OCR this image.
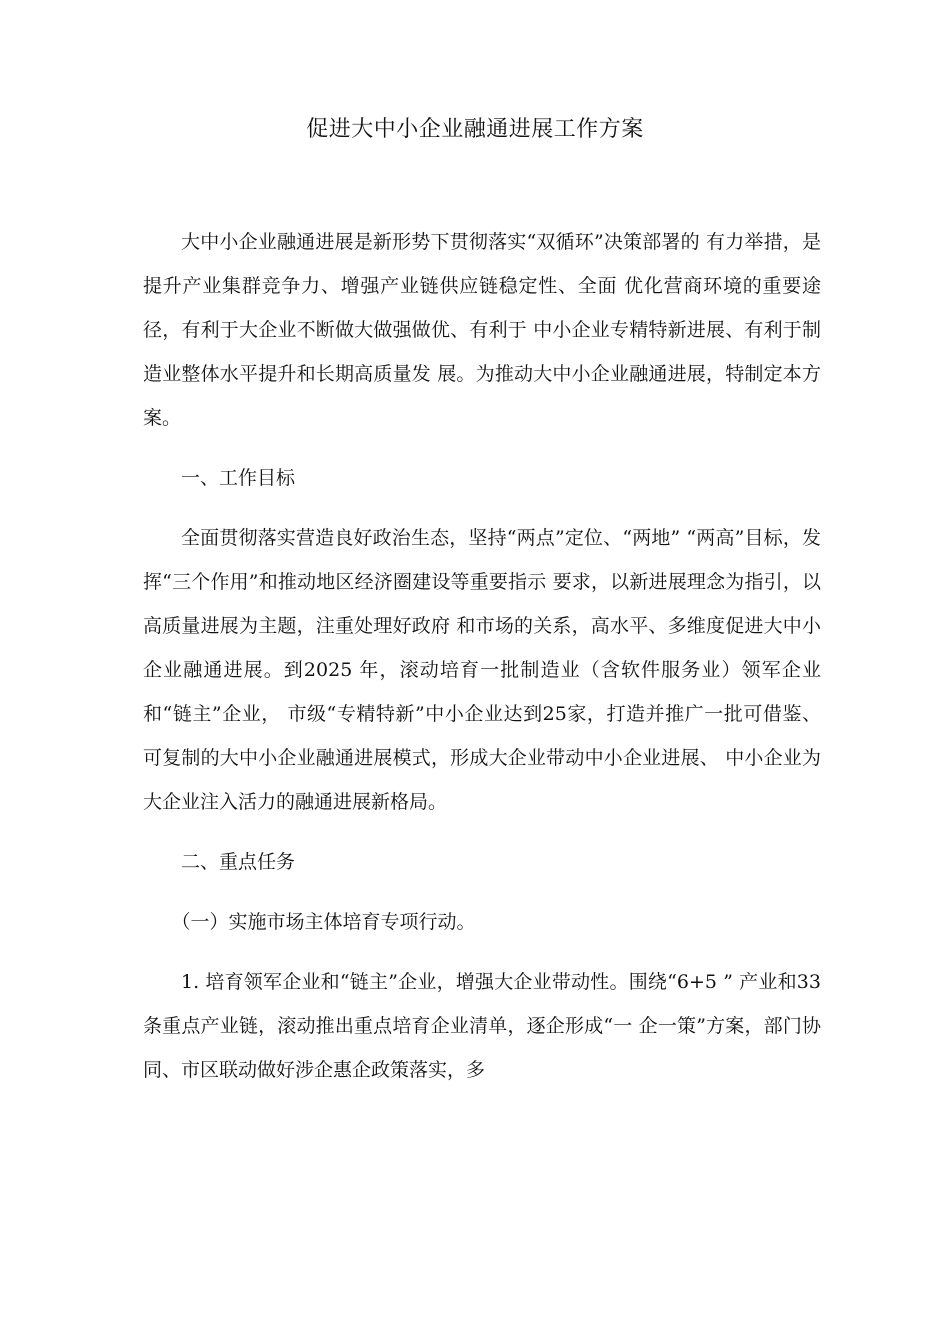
促进大中小企业融通进展工作方案

大中小企业融通进展是新形势下贯彻落实“双循环”决策部署的 有力举措，是提升产业集群竞争力、增强产业链供应链稳定性、全面 优化营商环境的重要途径，有利于大企业不断做大做强做优、有利于 中小企业专精特新进展、有利于制造业整体水平提升和长期高质量发 展。为推动大中小企业融通进展，特制定本方案。

一、工作目标

全面贯彻落实营造良好政治生态，坚持“两点”定位、“两地” “两高”目标，发挥“三个作用”和推动地区经济圈建设等重要指示 要求，以新进展理念为指引，以高质量进展为主题，注重处理好政府 和市场的关系，高水平、多维度促进大中小企业融通进展。到2025 年，滚动培育一批制造业（含软件服务业）领军企业和“链主”企业， 市级“专精特新”中小企业达到25家，打造并推广一批可借鉴、 可复制的大中小企业融通进展模式，形成大企业带动中小企业进展、 中小企业为大企业注入活力的融通进展新格局。

二、重点任务

（一）实施市场主体培育专项行动。

1. 培育领军企业和“链主”企业，增强大企业带动性。围绕“6+5 ” 产业和33条重点产业链，滚动推出重点培育企业清单，逐企形成“一 企一策”方案，部门协同、市区联动做好涉企惠企政策落实，多
